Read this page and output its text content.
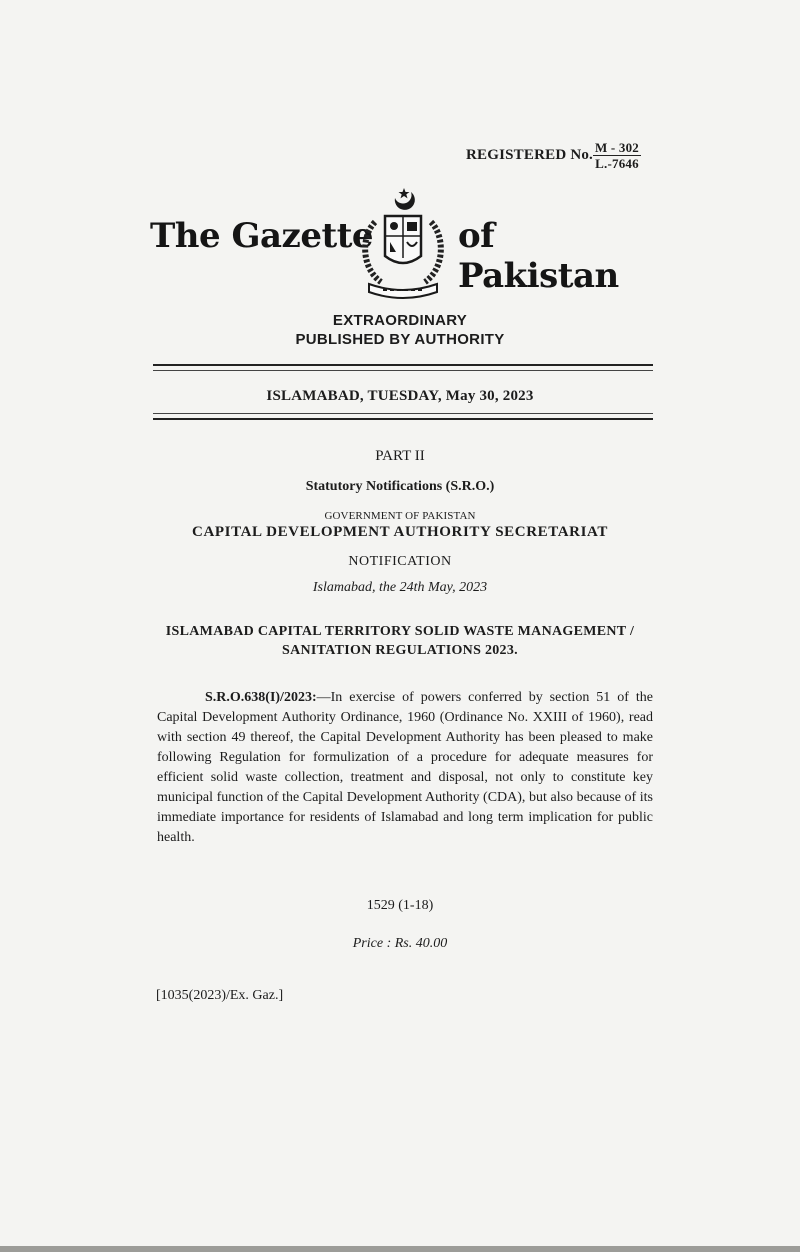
REGISTERED No. $\frac{M - 302}{L.-7646}$
The Gazette of Pakistan
EXTRAORDINARY
PUBLISHED BY AUTHORITY
ISLAMABAD, TUESDAY, May 30, 2023
PART II
Statutory Notifications (S.R.O.)
GOVERNMENT OF PAKISTAN
CAPITAL DEVELOPMENT AUTHORITY SECRETARIAT
NOTIFICATION
Islamabad, the 24th May, 2023
ISLAMABAD CAPITAL TERRITORY SOLID WASTE MANAGEMENT /
SANITATION REGULATIONS 2023.
S.R.O.638(I)/2023:—In exercise of powers conferred by section 51 of the Capital Development Authority Ordinance, 1960 (Ordinance No. XXIII of 1960), read with section 49 thereof, the Capital Development Authority has been pleased to make following Regulation for formulization of a procedure for adequate measures for efficient solid waste collection, treatment and disposal, not only to constitute key municipal function of the Capital Development Authority (CDA), but also because of its immediate importance for residents of Islamabad and long term implication for public health.
1529 (1-18)
Price : Rs. 40.00
[1035(2023)/Ex. Gaz.]
